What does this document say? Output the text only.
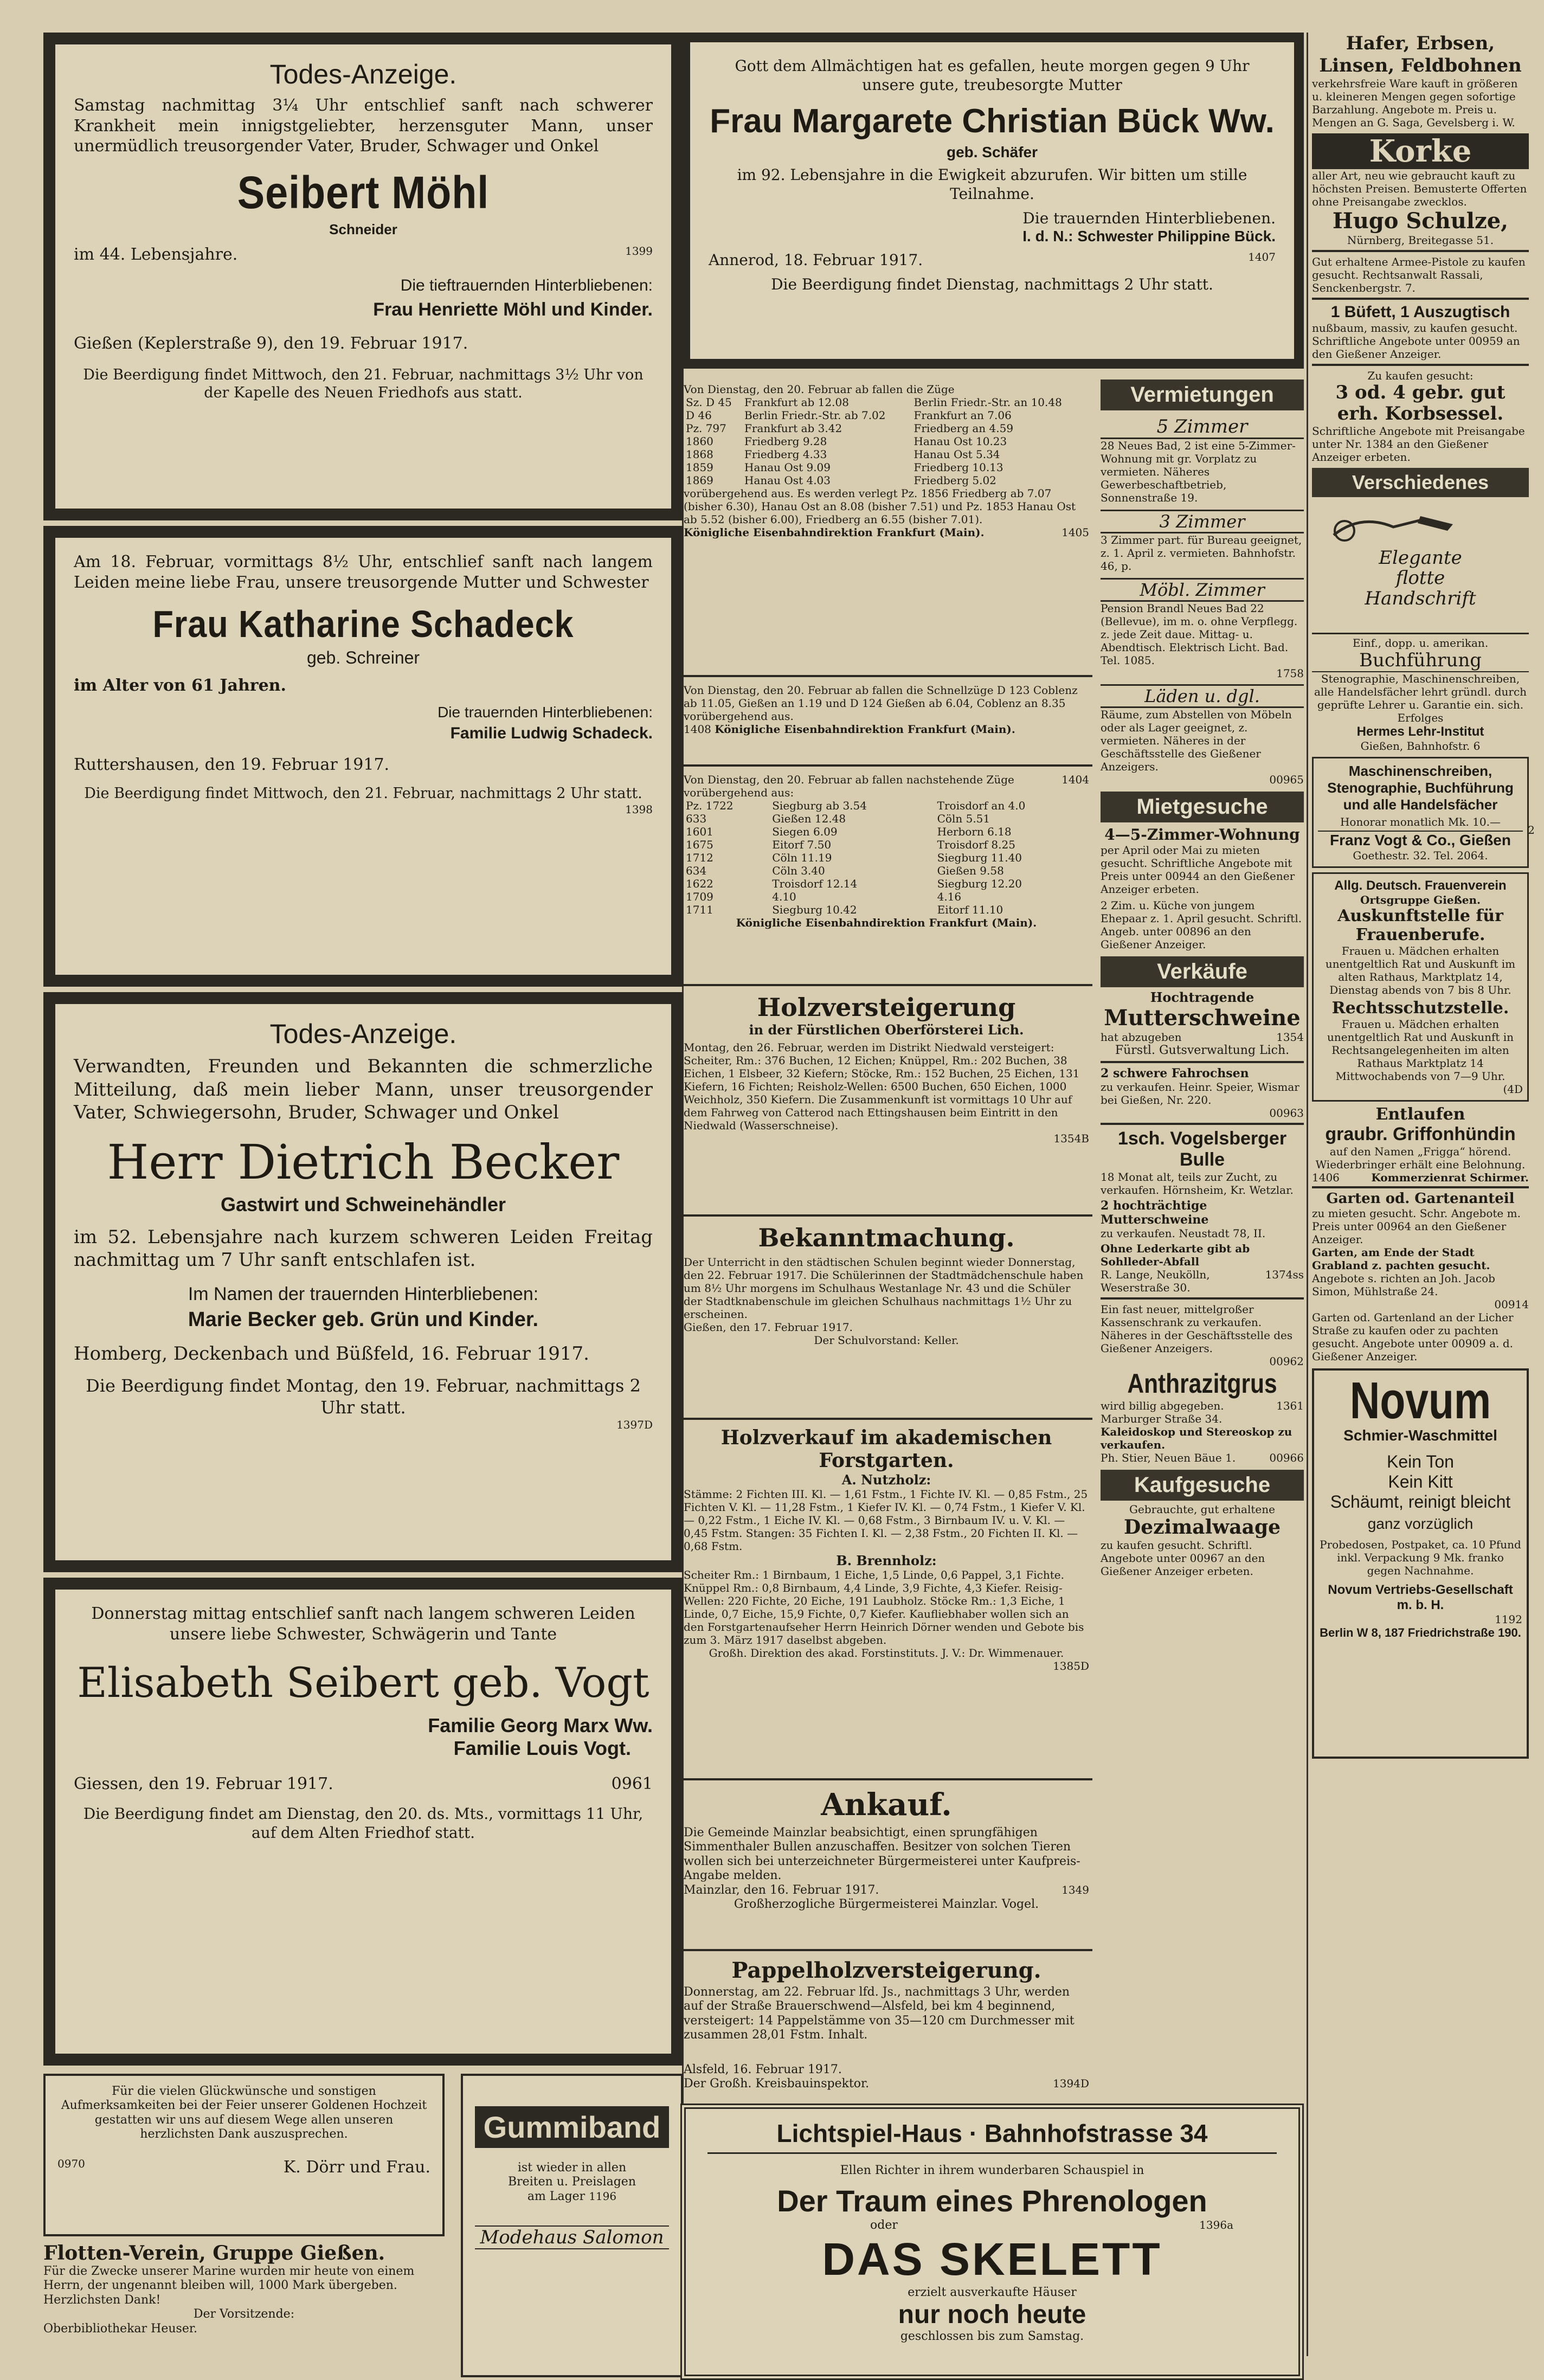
Todes-Anzeige.

Samstag nachmittag 3¼ Uhr entschlief sanft nach schwerer Krankheit mein innigstgeliebter, herzensguter Mann, unser unermüdlich treusorgender Vater, Bruder, Schwager und Onkel

Seibert Möhl
Schneider
im 44. Lebensjahre.	1399
Die tieftrauernden Hinterbliebenen:
Frau Henriette Möhl und Kinder.
Gießen (Keplerstraße 9), den 19. Februar 1917.
Die Beerdigung findet Mittwoch, den 21. Februar, nachmittags 3½ Uhr von der Kapelle des Neuen Friedhofs aus statt.

Am 18. Februar, vormittags 8½ Uhr, entschlief sanft nach langem Leiden meine liebe Frau, unsere treusorgende Mutter und Schwester

Frau Katharine Schadeck
geb. Schreiner
im Alter von 61 Jahren.
Die trauernden Hinterbliebenen:
Familie Ludwig Schadeck.
Ruttershausen, den 19. Februar 1917.
Die Beerdigung findet Mittwoch, den 21. Februar, nachmittags 2 Uhr statt.
1398
Todes-Anzeige.

Verwandten, Freunden und Bekannten die schmerzliche Mitteilung, daß mein lieber Mann, unser treusorgender Vater, Schwiegersohn, Bruder, Schwager und Onkel

Herr Dietrich Becker
Gastwirt und Schweinehändler

im 52. Lebensjahre nach kurzem schweren Leiden Freitag nachmittag um 7 Uhr sanft entschlafen ist.

Im Namen der trauernden Hinterbliebenen:
Marie Becker geb. Grün und Kinder.
Homberg, Deckenbach und Büßfeld, 16. Februar 1917.
Die Beerdigung findet Montag, den 19. Februar, nachmittags 2 Uhr statt.
1397D

Donnerstag mittag entschlief sanft nach langem schweren Leiden unsere liebe Schwester, Schwägerin und Tante

Elisabeth Seibert geb. Vogt
Familie Georg Marx Ww.
Familie Louis Vogt.
Giessen, den 19. Februar 1917.	0961
Die Beerdigung findet am Dienstag, den 20. ds. Mts., vormittags 11 Uhr, auf dem Alten Friedhof statt.

Für die vielen Glückwünsche und sonstigen Aufmerksamkeiten bei der Feier unserer Goldenen Hochzeit gestatten wir uns auf diesem Wege allen unseren herzlichsten Dank auszusprechen.

0970	K. Dörr und Frau.
Flotten-Verein, Gruppe Gießen.

Für die Zwecke unserer Marine wurden mir heute von einem Herrn, der ungenannt bleiben will, 1000 Mark übergeben. Herzlichsten Dank!

Der Vorsitzende:
Oberbibliothekar Heuser.
Gummiband
ist wieder in allen
Breiten u. Preislagen
am Lager 1196
Modehaus Salomon

Gott dem Allmächtigen hat es gefallen, heute morgen gegen 9 Uhr unsere gute, treubesorgte Mutter

Frau Margarete Christian Bück Ww.
geb. Schäfer

im 92. Lebensjahre in die Ewigkeit abzurufen. Wir bitten um stille Teilnahme.

Die trauernden Hinterbliebenen.
I. d. N.: Schwester Philippine Bück.
Annerod, 18. Februar 1917.	1407
Die Beerdigung findet Dienstag, nachmittags 2 Uhr statt.

Von Dienstag, den 20. Februar ab fallen die Züge

Sz. D 45	Frankfurt ab 12.08	Berlin Friedr.-Str. an 10.48
D 46	Berlin Friedr.-Str. ab 7.02	Frankfurt an 7.06
Pz. 797	Frankfurt ab 3.42	Friedberg an 4.59
1860	Friedberg 9.28	Hanau Ost 10.23
1868	Friedberg 4.33	Hanau Ost 5.34
1859	Hanau Ost 9.09	Friedberg 10.13
1869	Hanau Ost 4.03	Friedberg 5.02

vorübergehend aus. Es werden verlegt Pz. 1856 Friedberg ab 7.07 (bisher 6.30), Hanau Ost an 8.08 (bisher 7.51) und Pz. 1853 Hanau Ost ab 5.52 (bisher 6.00), Friedberg an 6.55 (bisher 7.01).

Königliche Eisenbahndirektion Frankfurt (Main).	1405

Von Dienstag, den 20. Februar ab fallen die Schnellzüge D 123 Coblenz ab 11.05, Gießen an 1.19 und D 124 Gießen ab 6.04, Coblenz an 8.35 vorübergehend aus.

1408 Königliche Eisenbahndirektion Frankfurt (Main).
Von Dienstag, den 20. Februar ab fallen nachstehende Züge vorübergehend aus:
1404
Pz. 1722	Siegburg ab 3.54	Troisdorf an 4.0
633	Gießen 12.48	Cöln 5.51
1601	Siegen 6.09	Herborn 6.18
1675	Eitorf 7.50	Troisdorf 8.25
1712	Cöln 11.19	Siegburg 11.40
634	Cöln 3.40	Gießen 9.58
1622	Troisdorf 12.14	Siegburg 12.20
1709	4.10	4.16
1711	Siegburg 10.42	Eitorf 11.10
Königliche Eisenbahndirektion Frankfurt (Main).
Holzversteigerung
in der Fürstlichen Oberförsterei Lich.

Montag, den 26. Februar, werden im Distrikt Niedwald versteigert: Scheiter, Rm.: 376 Buchen, 12 Eichen; Knüppel, Rm.: 202 Buchen, 38 Eichen, 1 Elsbeer, 32 Kiefern; Stöcke, Rm.: 152 Buchen, 25 Eichen, 131 Kiefern, 16 Fichten; Reisholz-Wellen: 6500 Buchen, 650 Eichen, 1000 Weichholz, 350 Kiefern. Die Zusammenkunft ist vormittags 10 Uhr auf dem Fahrweg von Catterod nach Ettingshausen beim Eintritt in den Niedwald (Wasserschneise).

1354B
Bekanntmachung.

Der Unterricht in den städtischen Schulen beginnt wieder Donnerstag, den 22. Februar 1917. Die Schülerinnen der Stadtmädchenschule haben um 8½ Uhr morgens im Schulhaus Westanlage Nr. 43 und die Schüler der Stadtknabenschule im gleichen Schulhaus nachmittags 1½ Uhr zu erscheinen.

Gießen, den 17. Februar 1917.
Der Schulvorstand: Keller.
Holzverkauf im akademischen Forstgarten.
A. Nutzholz:

Stämme: 2 Fichten III. Kl. — 1,61 Fstm., 1 Fichte IV. Kl. — 0,85 Fstm., 25 Fichten V. Kl. — 11,28 Fstm., 1 Kiefer IV. Kl. — 0,74 Fstm., 1 Kiefer V. Kl. — 0,22 Fstm., 1 Eiche IV. Kl. — 0,68 Fstm., 3 Birnbaum IV. u. V. Kl. — 0,45 Fstm. Stangen: 35 Fichten I. Kl. — 2,38 Fstm., 20 Fichten II. Kl. — 0,68 Fstm.

B. Brennholz:

Scheiter Rm.: 1 Birnbaum, 1 Eiche, 1,5 Linde, 0,6 Pappel, 3,1 Fichte. Knüppel Rm.: 0,8 Birnbaum, 4,4 Linde, 3,9 Fichte, 4,3 Kiefer. Reisig-Wellen: 220 Fichte, 20 Eiche, 191 Laubholz. Stöcke Rm.: 1,3 Eiche, 1 Linde, 0,7 Eiche, 15,9 Fichte, 0,7 Kiefer. Kaufliebhaber wollen sich an den Forstgartenaufseher Herrn Heinrich Dörner wenden und Gebote bis zum 3. März 1917 daselbst abgeben.

Großh. Direktion des akad. Forstinstituts. J. V.: Dr. Wimmenauer.
1385D
Ankauf.

Die Gemeinde Mainzlar beabsichtigt, einen sprungfähigen Simmenthaler Bullen anzuschaffen. Besitzer von solchen Tieren wollen sich bei unterzeichneter Bürgermeisterei unter Kaufpreis-Angabe melden.

Mainzlar, den 16. Februar 1917.	1349
Großherzogliche Bürgermeisterei Mainzlar. Vogel.
Pappelholzversteigerung.

Donnerstag, am 22. Februar lfd. Js., nachmittags 3 Uhr, werden auf der Straße Brauerschwend—Alsfeld, bei km 4 beginnend, versteigert: 14 Pappelstämme von 35—120 cm Durchmesser mit zusammen 28,01 Fstm. Inhalt.

Alsfeld, 16. Februar 1917.
Der Großh. Kreisbauinspektor.	1394D
Vermietungen
5 Zimmer
28 Neues Bad, 2 ist eine 5-Zimmer-Wohnung mit gr. Vorplatz zu vermieten. Näheres Gewerbeschaftbetrieb, Sonnenstraße 19.
3 Zimmer

3 Zimmer part. für Bureau geeignet, z. 1. April z. vermieten. Bahnhofstr. 46, p.

Möbl. Zimmer

Pension Brandl Neues Bad 22 (Bellevue), im m. o. ohne Verpflegg. z. jede Zeit daue. Mittag- u. Abendtisch. Elektrisch Licht. Bad. Tel. 1085.

1758
Läden u. dgl.

Räume, zum Abstellen von Möbeln oder als Lager geeignet, z. vermieten. Näheres in der Geschäftsstelle des Gießener Anzeigers.

00965
Mietgesuche
4—5-Zimmer-Wohnung

per April oder Mai zu mieten gesucht. Schriftliche Angebote mit Preis unter 00944 an den Gießener Anzeiger erbeten.

2 Zim. u. Küche von jungem Ehepaar z. 1. April gesucht. Schriftl. Angeb. unter 00896 an den Gießener Anzeiger.

Verkäufe
Hochtragende
Mutterschweine
hat abzugeben	1354
Fürstl. Gutsverwaltung Lich.
2 schwere Fahrochsen

zu verkaufen. Heinr. Speier, Wismar bei Gießen, Nr. 220.

00963
1sch. Vogelsberger Bulle

18 Monat alt, teils zur Zucht, zu verkaufen. Hörnsheim, Kr. Wetzlar.

2 hochträchtige Mutterschweine

zu verkaufen. Neustadt 78, II.

Ohne Lederkarte gibt ab Sohlleder-Abfall

R. Lange, Neukölln, Weserstraße 30.
1374ss

Ein fast neuer, mittelgroßer Kassenschrank zu verkaufen. Näheres in der Geschäftsstelle des Gießener Anzeigers.

00962
Anthrazitgrus
wird billig abgegeben. Marburger Straße 34.
1361

Kaleidoskop und Stereoskop zu verkaufen.

Ph. Stier, Neuen Bäue 1.	00966
Kaufgesuche
Gebrauchte, gut erhaltene
Dezimalwaage

zu kaufen gesucht. Schriftl. Angebote unter 00967 an den Gießener Anzeiger erbeten.

Lichtspiel-Haus · Bahnhofstrasse 34
Ellen Richter in ihrem wunderbaren Schauspiel in
Der Traum eines Phrenologen
oder	1396a
DAS SKELETT
erzielt ausverkaufte Häuser
nur noch heute
geschlossen bis zum Samstag.
Hafer, Erbsen, Linsen, Feldbohnen

verkehrsfreie Ware kauft in größeren u. kleineren Mengen gegen sofortige Barzahlung. Angebote m. Preis u. Mengen an G. Saga, Gevelsberg i. W.

Korke

aller Art, neu wie gebraucht kauft zu höchsten Preisen. Bemusterte Offerten ohne Preisangabe zwecklos.

Hugo Schulze,
Nürnberg, Breitegasse 51.

Gut erhaltene Armee-Pistole zu kaufen gesucht. Rechtsanwalt Rassali, Senckenbergstr. 7.

1 Büfett, 1 Auszugtisch

nußbaum, massiv, zu kaufen gesucht. Schriftliche Angebote unter 00959 an den Gießener Anzeiger.

Zu kaufen gesucht:
3 od. 4 gebr. gut erh. Korbsessel.

Schriftliche Angebote mit Preisangabe unter Nr. 1384 an den Gießener Anzeiger erbeten.

Verschiedenes
Elegante
flotte
Handschrift
Einf., dopp. u. amerikan.
Buchführung

Stenographie, Maschinenschreiben, alle Handelsfächer lehrt gründl. durch geprüfte Lehrer u. Garantie ein. sich. Erfolges

Hermes Lehr-Institut
Gießen, Bahnhofstr. 6
Maschinenschreiben, Stenographie, Buchführung und alle Handelsfächer
Honorar monatlich Mk. 10.—
Franz Vogt & Co., Gießen
Goethestr. 32. Tel. 2064.
2
Allg. Deutsch. Frauenverein
Ortsgruppe Gießen.
Auskunftstelle für Frauenberufe.

Frauen u. Mädchen erhalten unentgeltlich Rat und Auskunft im alten Rathaus, Marktplatz 14, Dienstag abends von 7 bis 8 Uhr.

Rechtsschutzstelle.

Frauen u. Mädchen erhalten unentgeltlich Rat und Auskunft in Rechtsangelegenheiten im alten Rathaus Marktplatz 14 Mittwochabends von 7—9 Uhr.

(4D
Entlaufen
graubr. Griffonhündin

auf den Namen „Frigga“ hörend. Wiederbringer erhält eine Belohnung.

1406	Kommerzienrat Schirmer.
Garten od. Gartenanteil

zu mieten gesucht. Schr. Angebote m. Preis unter 00964 an den Gießener Anzeiger.

Garten, am Ende der Stadt Grabland z. pachten gesucht.

Angebote s. richten an Joh. Jacob Simon, Mühlstraße 24.

00914

Garten od. Gartenland an der Licher Straße zu kaufen oder zu pachten gesucht. Angebote unter 00909 a. d. Gießener Anzeiger.

Novum
Schmier-Waschmittel
Kein Ton
Kein Kitt
Schäumt, reinigt bleicht
ganz vorzüglich

Probedosen, Postpaket, ca. 10 Pfund inkl. Verpackung 9 Mk. franko gegen Nachnahme.

Novum Vertriebs-Gesellschaft m. b. H.
1192
Berlin W 8, 187 Friedrichstraße 190.
